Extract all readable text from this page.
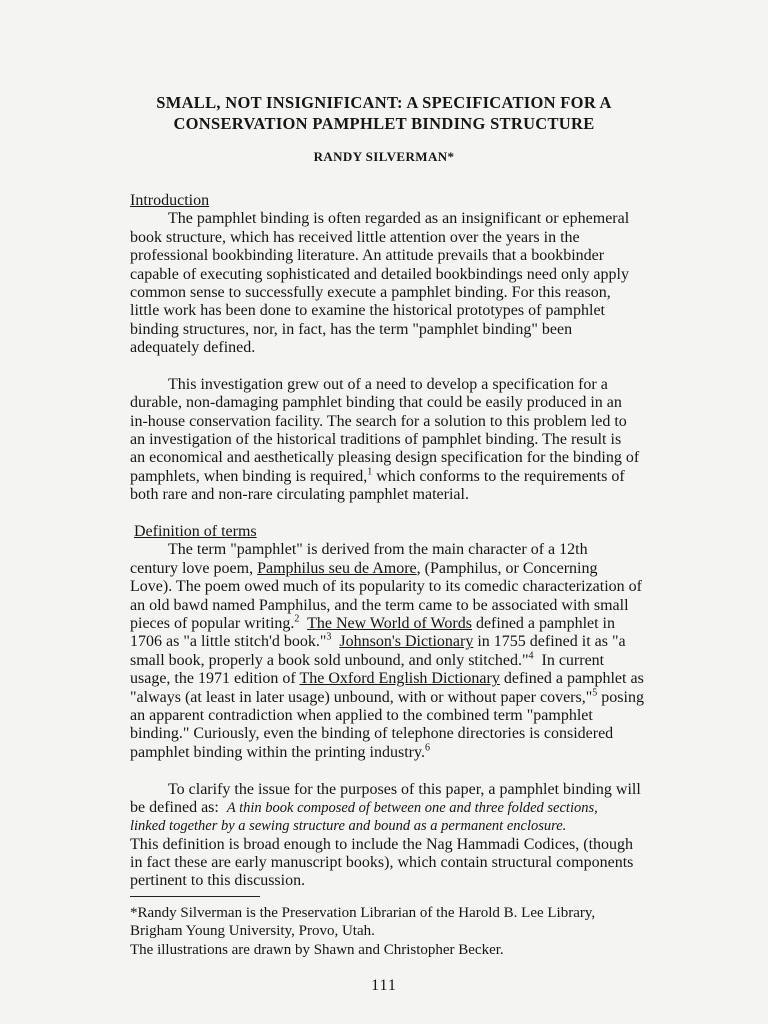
SMALL, NOT INSIGNIFICANT: A SPECIFICATION FOR A
CONSERVATION PAMPHLET BINDING STRUCTURE
RANDY SILVERMAN*
Introduction
The pamphlet binding is often regarded as an insignificant or ephemeral
book structure, which has received little attention over the years in the
professional bookbinding literature. An attitude prevails that a bookbinder
capable of executing sophisticated and detailed bookbindings need only apply
common sense to successfully execute a pamphlet binding. For this reason,
little work has been done to examine the historical prototypes of pamphlet
binding structures, nor, in fact, has the term "pamphlet binding" been
adequately defined.
This investigation grew out of a need to develop a specification for a
durable, non-damaging pamphlet binding that could be easily produced in an
in-house conservation facility. The search for a solution to this problem led to
an investigation of the historical traditions of pamphlet binding. The result is
an economical and aesthetically pleasing design specification for the binding of
pamphlets, when binding is required,$^1$ which conforms to the requirements of
both rare and non-rare circulating pamphlet material.
Definition of terms
The term "pamphlet" is derived from the main character of a 12th
century love poem, Pamphilus seu de Amore, (Pamphilus, or Concerning
Love). The poem owed much of its popularity to its comedic characterization of
an old bawd named Pamphilus, and the term came to be associated with small
pieces of popular writing.$^2$ The New World of Words defined a pamphlet in
1706 as "a little stitch'd book."$^3$ Johnson's Dictionary in 1755 defined it as "a
small book, properly a book sold unbound, and only stitched."$^4$  In current
usage, the 1971 edition of The Oxford English Dictionary defined a pamphlet as
"always (at least in later usage) unbound, with or without paper covers,"$^5$ posing
an apparent contradiction when applied to the combined term "pamphlet
binding." Curiously, even the binding of telephone directories is considered
pamphlet binding within the printing industry.$^6$
To clarify the issue for the purposes of this paper, a pamphlet binding will
be defined as:  A thin book composed of between one and three folded sections,
linked together by a sewing structure and bound as a permanent enclosure.
This definition is broad enough to include the Nag Hammadi Codices, (though
in fact these are early manuscript books), which contain structural components
pertinent to this discussion.
*Randy Silverman is the Preservation Librarian of the Harold B. Lee Library,
Brigham Young University, Provo, Utah.
The illustrations are drawn by Shawn and Christopher Becker.
111
